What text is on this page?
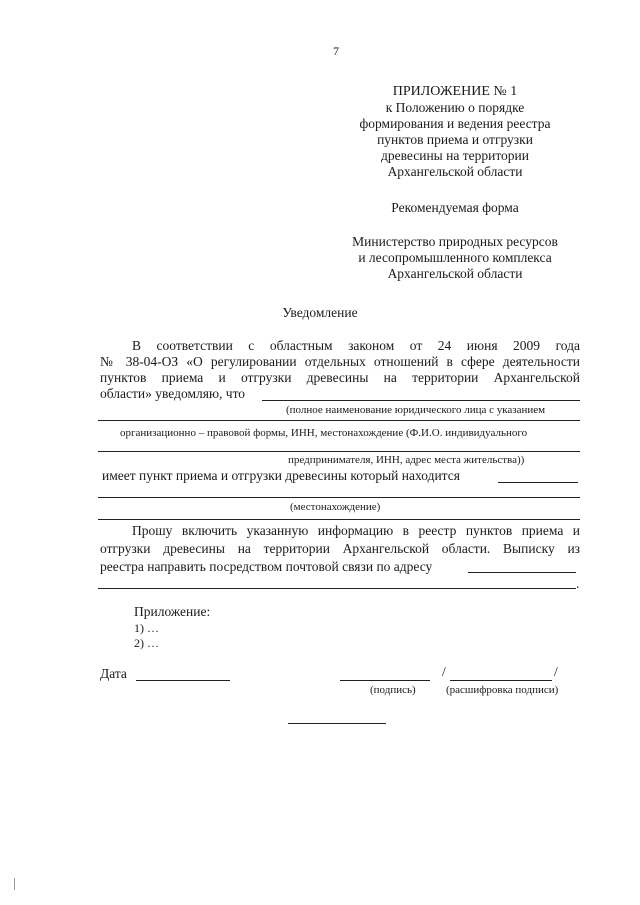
7
ПРИЛОЖЕНИЕ № 1
к Положению о порядке
формирования и ведения реестра
пунктов приема и отгрузки
древесины на территории
Архангельской области
Рекомендуемая форма
Министерство природных ресурсов
и лесопромышленного комплекса
Архангельской области
Уведомление
В соответствии с областным законом от 24 июня 2009 года
№ 38-04-ОЗ «О регулировании отдельных отношений в сфере деятельности
пунктов приема и отгрузки древесины на территории Архангельской
области» уведомляю, что
(полное наименование юридического лица с указанием
организационно – правовой формы, ИНН, местонахождение (Ф.И.О. индивидуального
предпринимателя, ИНН, адрес места жительства))
имеет пункт приема и отгрузки древесины который находится
(местонахождение)
Прошу включить указанную информацию в реестр пунктов приема и
отгрузки древесины на территории Архангельской области. Выписку из
реестра направить посредством почтовой связи по адресу
.
Приложение:
1) …
2) …
Дата	/	/
(подпись)	(расшифровка подписи)
